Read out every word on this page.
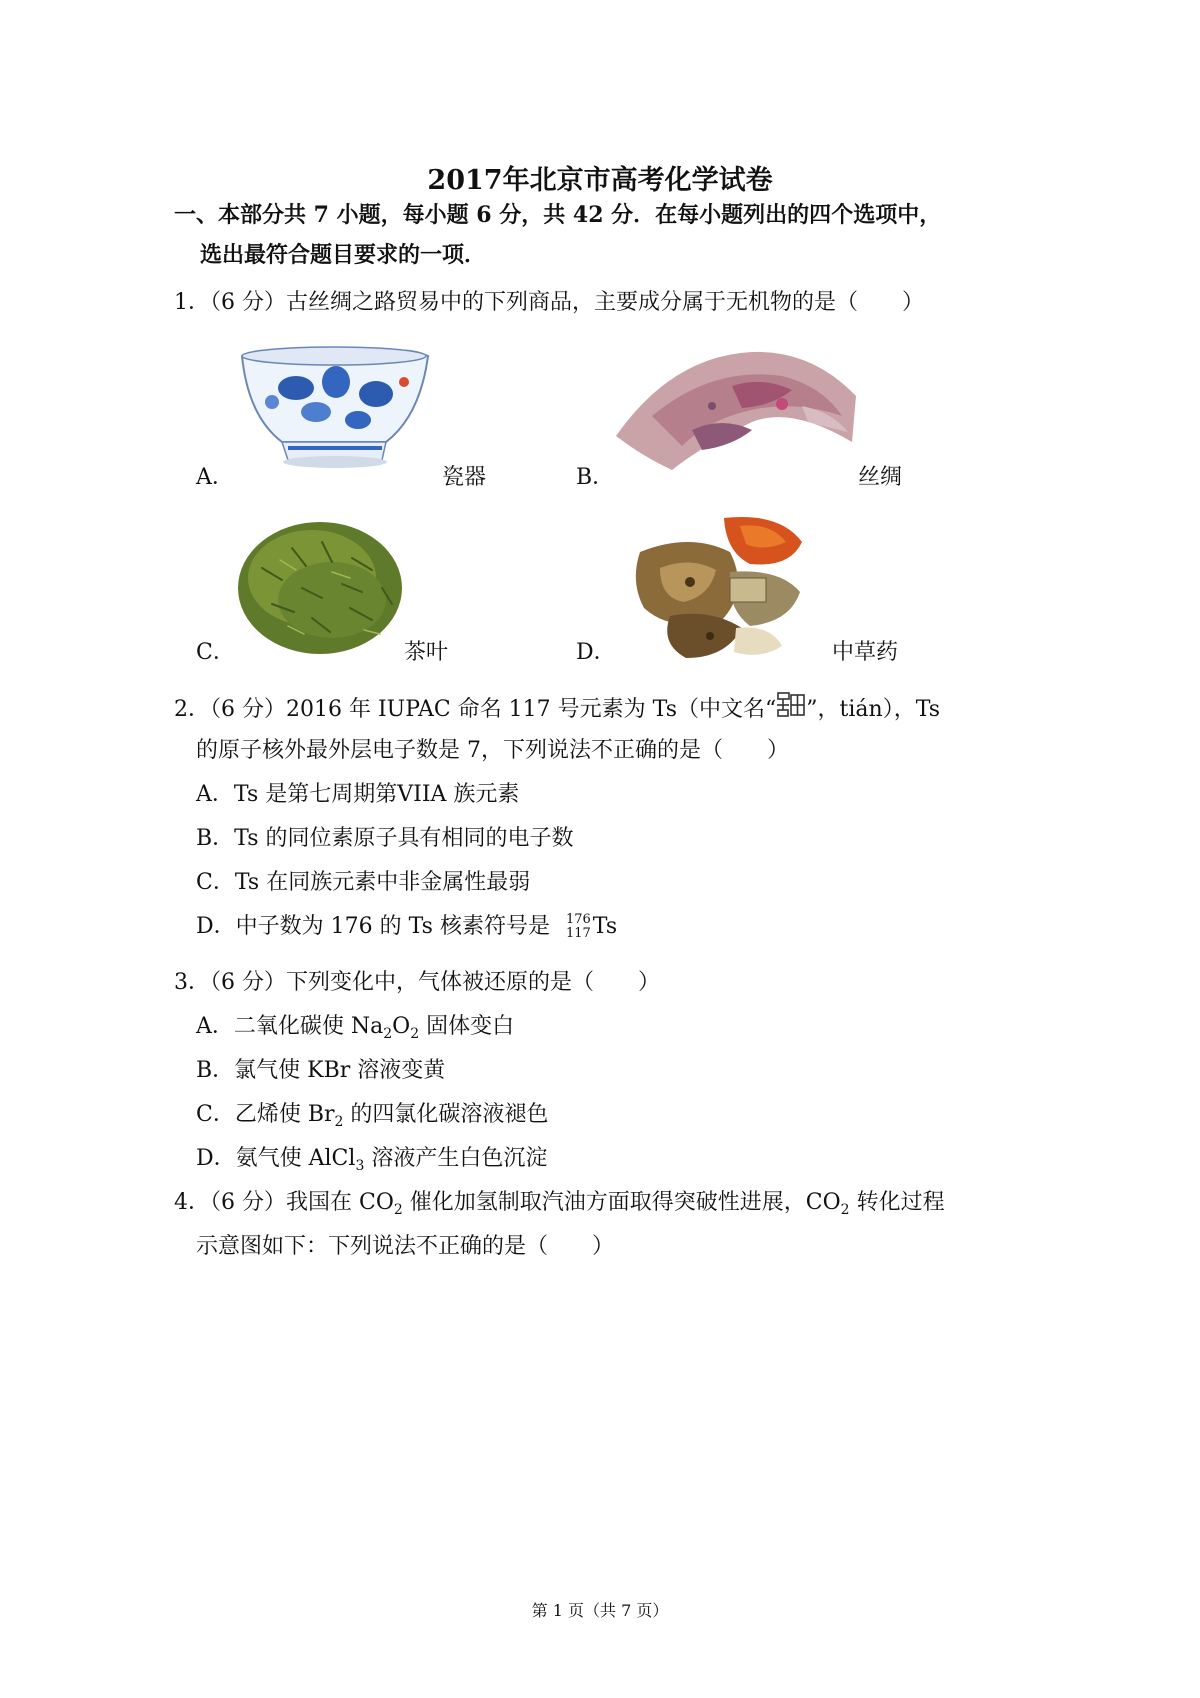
2017年北京市高考化学试卷
一、本部分共 7 小题，每小题 6 分，共 42 分．在每小题列出的四个选项中，
选出最符合题目要求的一项．
1．（6 分）古丝绸之路贸易中的下列商品，主要成分属于无机物的是（　　）
A．	瓷器	B．	丝绸
C．	茶叶	D．	中草药
2．（6 分）2016 年 IUPAC 命名 117 号元素为 Ts（中文名“ ”，tián），Ts
的原子核外最外层电子数是 7，下列说法不正确的是（　　）
A．Ts 是第七周期第VIIA 族元素
B．Ts 的同位素原子具有相同的电子数
C．Ts 在同族元素中非金属性最弱
D．中子数为 176 的 Ts 核素符号是 176
117Ts
3．（6 分）下列变化中，气体被还原的是（　　）
A．二氧化碳使 $Na_2O_2$ 固体变白
B．氯气使 KBr 溶液变黄
C．乙烯使 $Br_2$ 的四氯化碳溶液褪色
D．氨气使 AlCl$_3$ 溶液产生白色沉淀
4．（6 分）我国在 $CO_2$ 催化加氢制取汽油方面取得突破性进展，$CO_2$ 转化过程
示意图如下：下列说法不正确的是（　　）
第 1 页（共 7 页）
